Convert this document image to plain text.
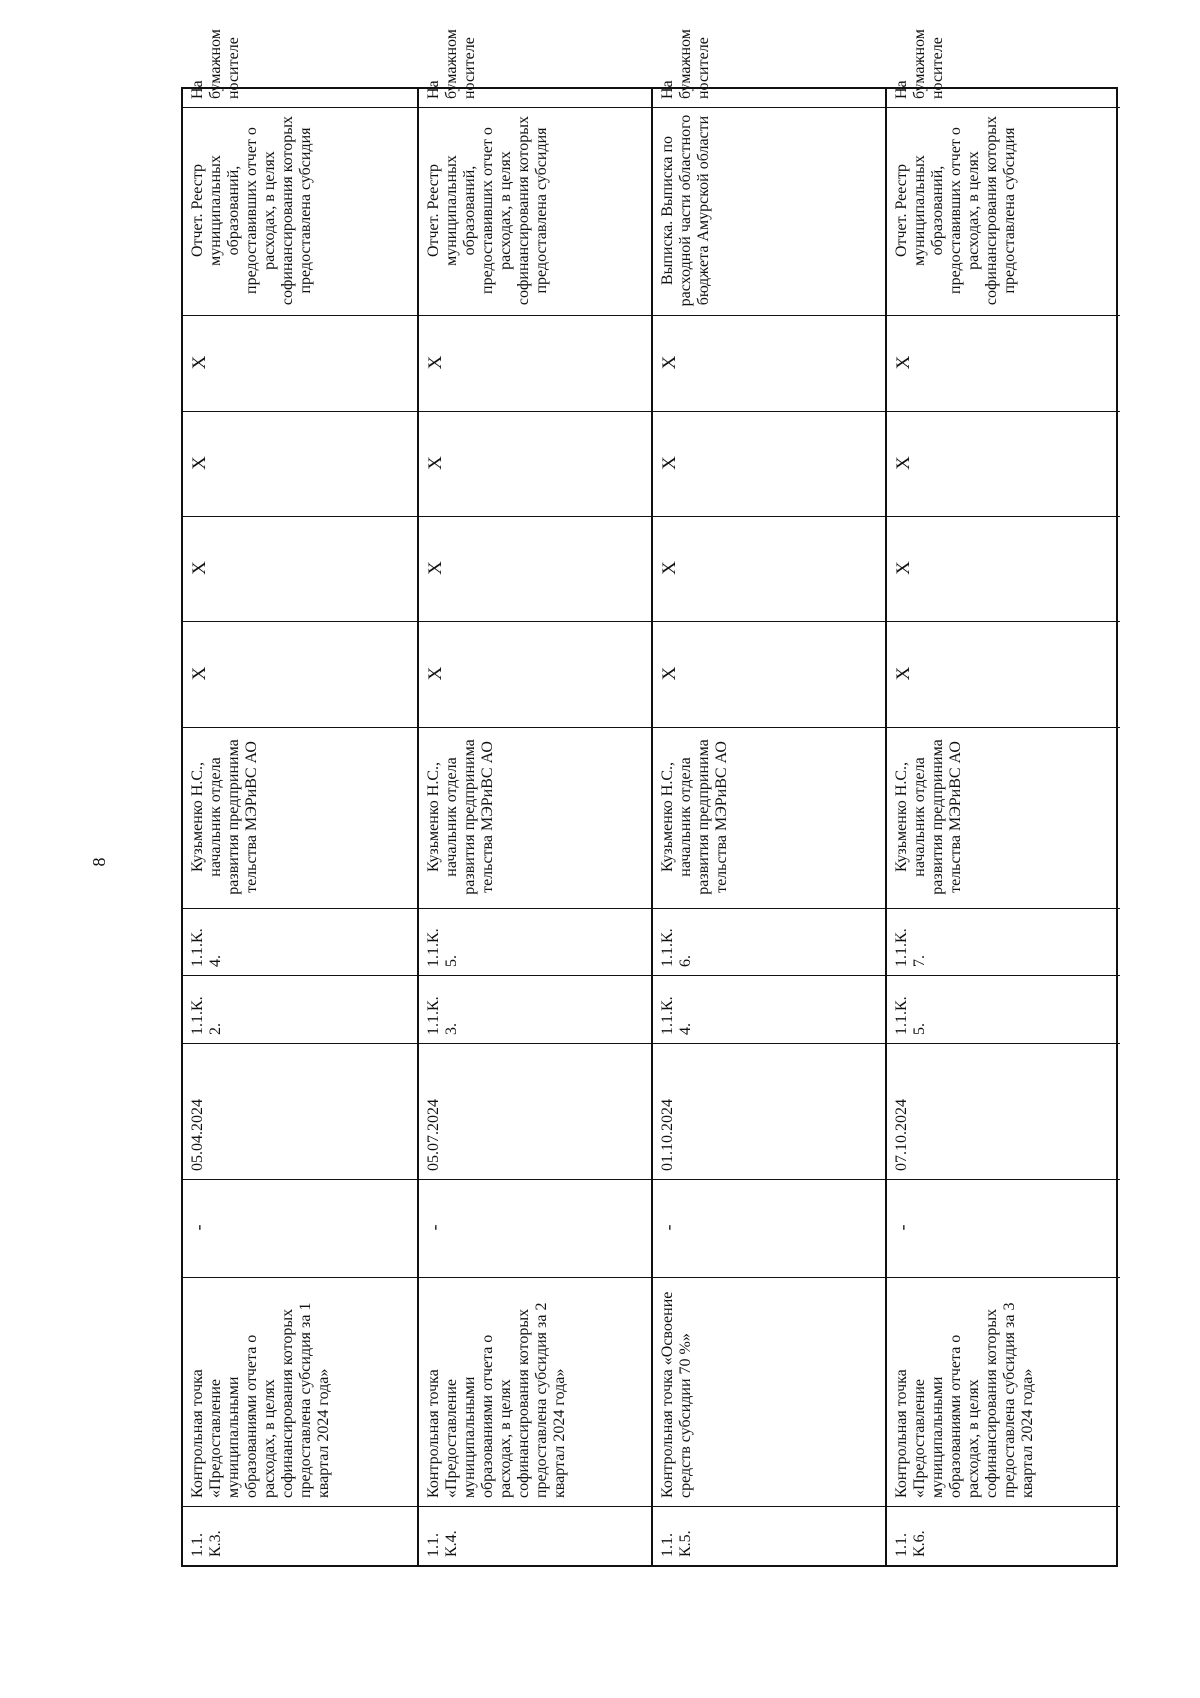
8
1.1. К.3.
Контрольная точка «Предоставление муниципальными образованиями отчета о расходах, в целях софинансирования которых предоставлена субсидия за 1 квартал 2024 года»
-
05.04.2024
1.1.К. 2.
1.1.К. 4.
Кузьменко Н.С., начальник отдела развития предпринима тельства МЭРиВС АО
Х
Х
Х
Х
Отчет. Реестр муниципальных образований, предоставивших отчет о расходах, в целях софинансирования которых предоставлена субсидия
На бумажном носителе
1.1. К.4.
Контрольная точка «Предоставление муниципальными образованиями отчета о расходах, в целях софинансирования которых предоставлена субсидия за 2 квартал 2024 года»
-
05.07.2024
1.1.К. 3.
1.1.К. 5.
Кузьменко Н.С., начальник отдела развития предпринима тельства МЭРиВС АО
Х
Х
Х
Х
Отчет. Реестр муниципальных образований, предоставивших отчет о расходах, в целях софинансирования которых предоставлена субсидия
На бумажном носителе
1.1. К.5.
Контрольная точка «Освоение средств субсидии 70 %»
-
01.10.2024
1.1.К. 4.
1.1.К. 6.
Кузьменко Н.С., начальник отдела развития предпринима тельства МЭРиВС АО
Х
Х
Х
Х
Выписка. Выписка по расходной части областного бюджета Амурской области
На бумажном носителе
1.1. К.6.
Контрольная точка «Предоставление муниципальными образованиями отчета о расходах, в целях софинансирования которых предоставлена субсидия за 3 квартал 2024 года»
-
07.10.2024
1.1.К. 5.
1.1.К. 7.
Кузьменко Н.С., начальник отдела развития предпринима тельства МЭРиВС АО
Х
Х
Х
Х
Отчет. Реестр муниципальных образований, предоставивших отчет о расходах, в целях софинансирования которых предоставлена субсидия
На бумажном носителе
